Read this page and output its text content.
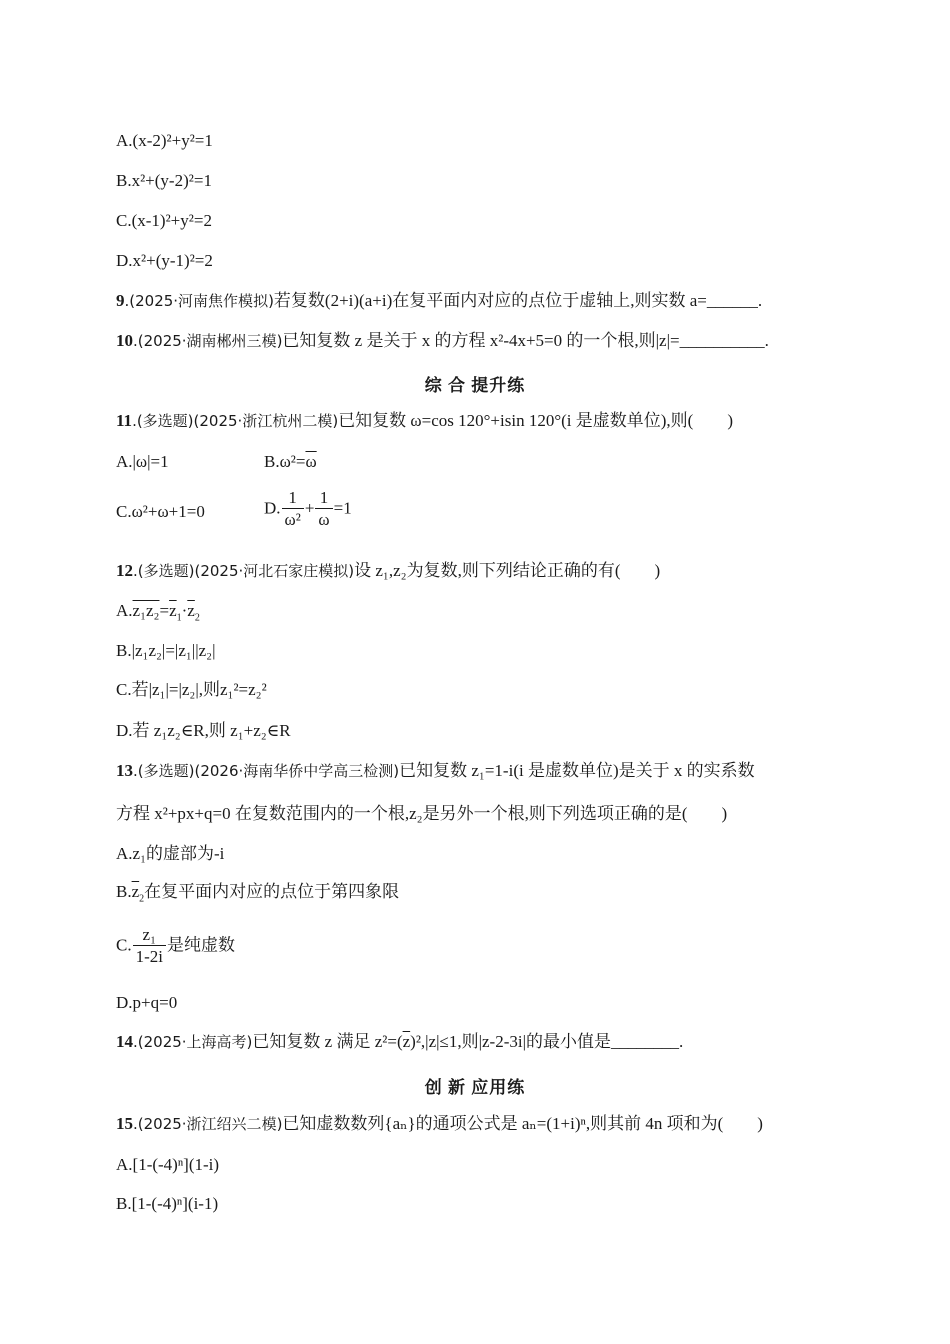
A.(x-2)²+y²=1
B.x²+(y-2)²=1
C.(x-1)²+y²=2
D.x²+(y-1)²=2
9.(2025·河南焦作模拟)若复数(2+i)(a+i)在复平面内对应的点位于虚轴上,则实数 a=______.
10.(2025·湖南郴州三模)已知复数 z 是关于 x 的方程 x²-4x+5=0 的一个根,则|z|=__________.
综 合 提升练
11.(多选题)(2025·浙江杭州二模)已知复数 ω=cos 120°+isin 120°(i 是虚数单位),则(　　)
A.|ω|=1	$B.\omega^2=\overline{\omega}$
C.ω²+ω+1=0	D. $\frac{1}{\text{ω²}} + \frac{1}{\omega} =1$
12.(多选题)(2025·河北石家庄模拟)设 z₁,z₂为复数,则下列结论正确的有(　　)
$A.z_1z_2=\overline{z}_1\cdot\overline{z}_2$
B.|z₁z₂|=|z₁||z₂|
C.若|z₁|=|z₂|,则z₁²=z₂²
D.若 z₁z₂∈R,则 z₁+z₂∈R
13.(多选题)(2026·海南华侨中学高三检测)已知复数 z₁=1-i(i 是虚数单位)是关于 x 的实系数
方程 x²+px+q=0 在复数范围内的一个根,z₂是另外一个根,则下列选项正确的是(　　)
A.z₁的虚部为-i
$B.\overline{z}_2$在复平面内对应的点位于第四象限
C. $\frac{\text{z₁}}{1-2i}$ 是纯虚数
D.p+q=0
14.(2025·上海高考)已知复数 z 满足 $z^2=(\overline{z})^2,|z|\le 1$,则|z-2-3i|的最小值是________.
创 新 应用练
15.(2025·浙江绍兴二模)已知虚数数列{aₙ}的通项公式是 aₙ=(1+i)ⁿ,则其前 4n 项和为(　　)
A.[1-(-4)ⁿ](1-i)
B.[1-(-4)ⁿ](i-1)
